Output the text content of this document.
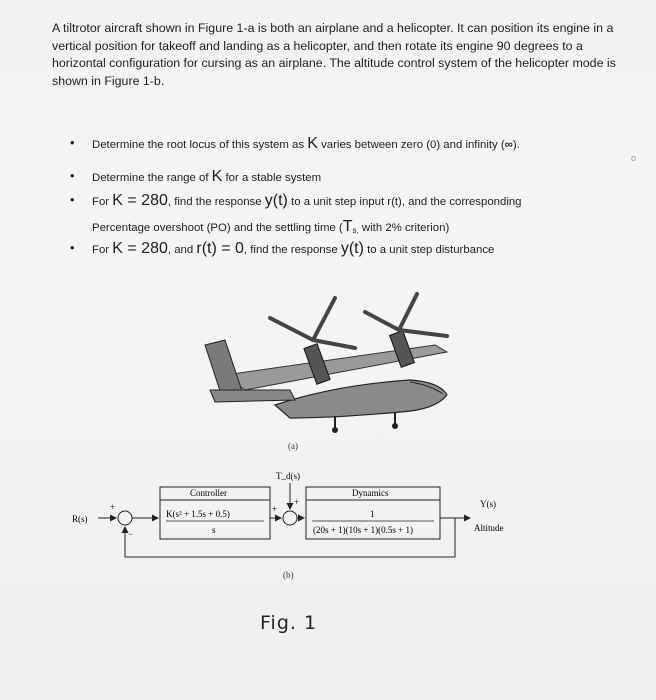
A tiltrotor aircraft shown in Figure 1-a is both an airplane and a helicopter. It can position its engine in a
vertical position for takeoff and landing as a helicopter, and then rotate its engine 90 degrees to a
horizontal configuration for cursing as an airplane. The altitude control system of the helicopter mode is
shown in Figure 1-b.
• Determine the root locus of this system as K varies between zero (0) and infinity (∞).
• Determine the range of K for a stable system
• For K = 280, find the response y(t) to a unit step input r(t), and the corresponding
Percentage overshoot (PO) and the settling time ($T_{s,}$ with 2% criterion)
• For K = 280, and r(t) = 0, find the response y(t) to a unit step disturbance
o
(a)
R(s)
+
−
Controller
K(s² + 1.5s + 0.5)
s
T_d(s)
+
+
Dynamics
1
(20s + 1)(10s + 1)(0.5s + 1)
Y(s)
Altitude
(b)
Fig. 1
